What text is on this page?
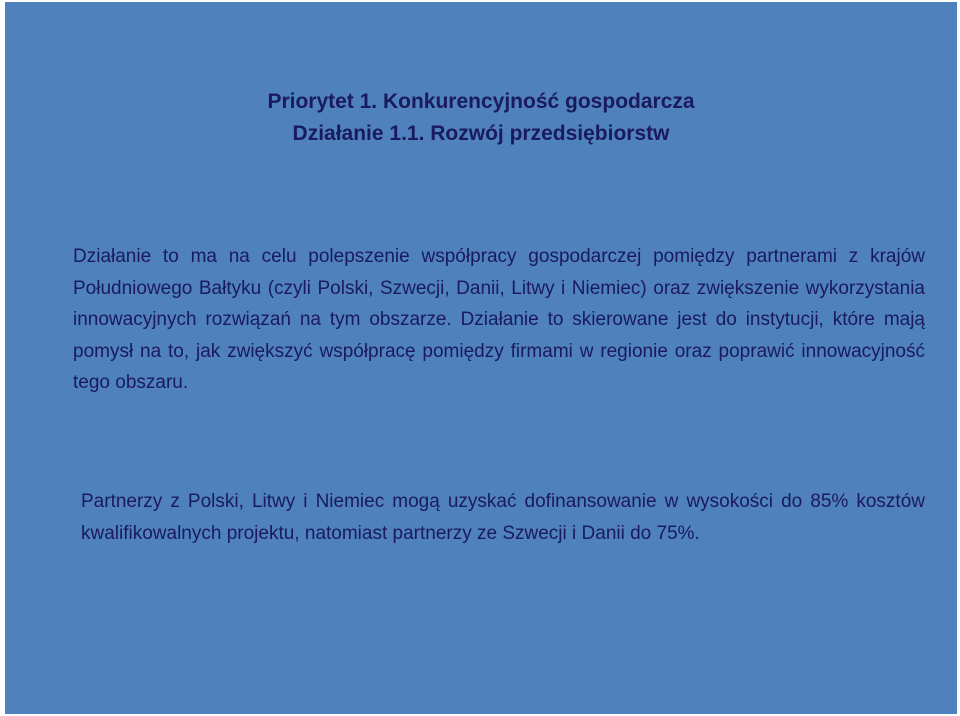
Priorytet 1. Konkurencyjność gospodarcza
Działanie 1.1. Rozwój przedsiębiorstw

Działanie to ma na celu polepszenie współpracy gospodarczej pomiędzy partnerami z krajów Południowego Bałtyku (czyli Polski, Szwecji, Danii, Litwy i Niemiec) oraz zwiększenie wykorzystania innowacyjnych rozwiązań na tym obszarze. Działanie to skierowane jest do instytucji, które mają pomysł na to, jak zwiększyć współpracę pomiędzy firmami w regionie oraz poprawić innowacyjność tego obszaru.

Partnerzy z Polski, Litwy i Niemiec mogą uzyskać dofinansowanie w wysokości do 85% kosztów kwalifikowalnych projektu, natomiast partnerzy ze Szwecji i Danii do 75%.
